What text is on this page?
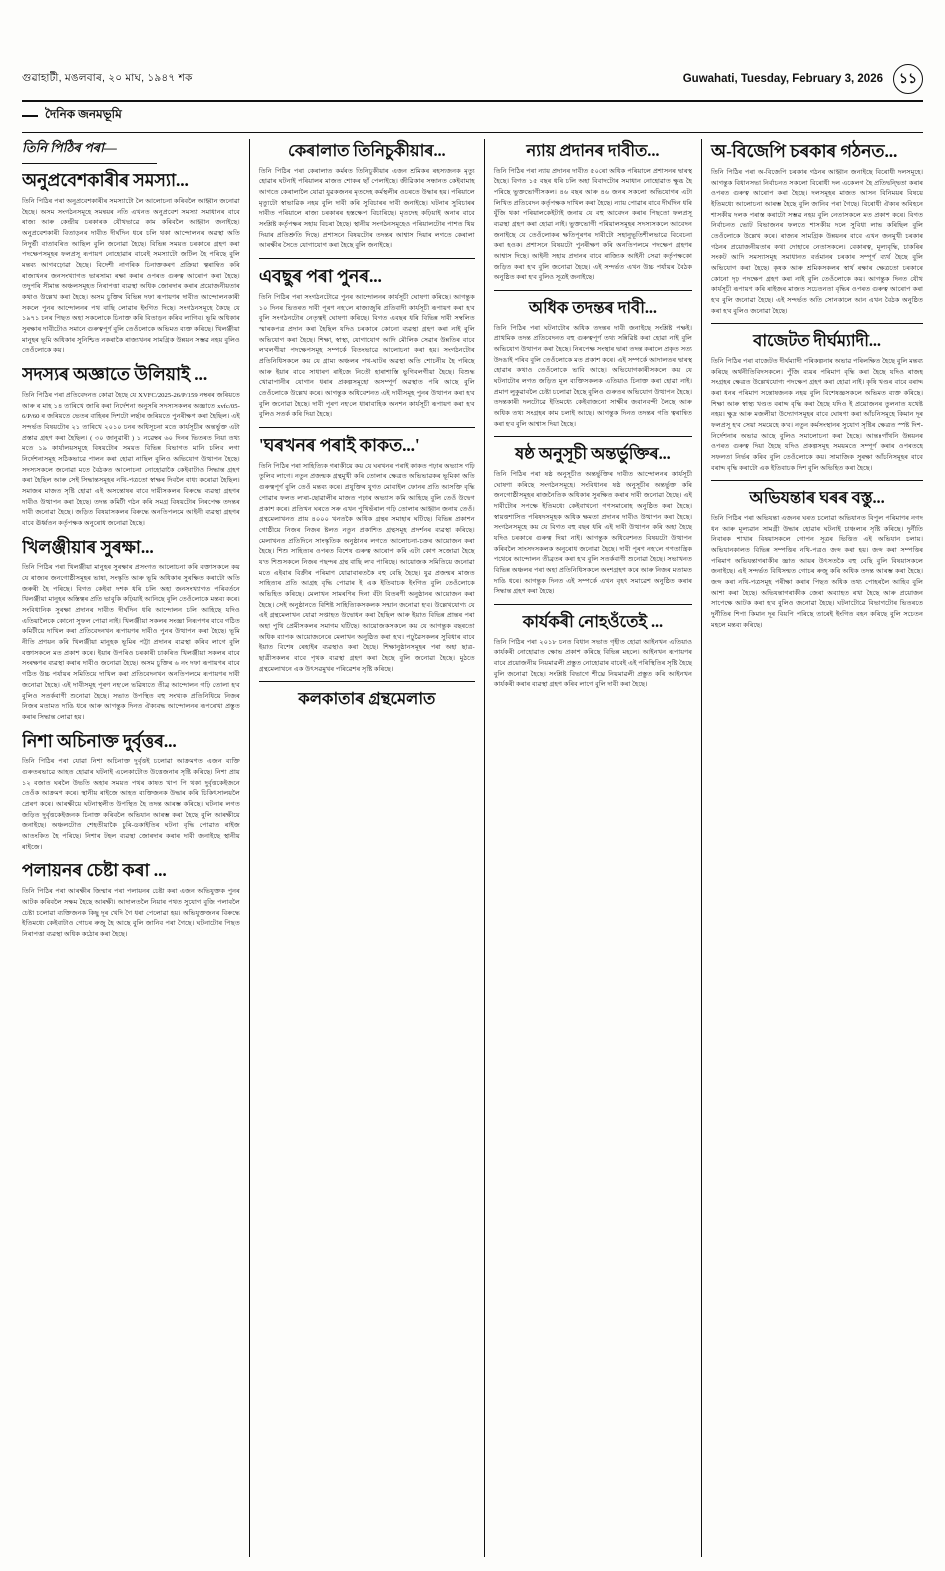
গুৱাহাটী, মঙলবাৰ, ২০ মাঘ, ১৯৪৭ শক	Guwahati, Tuesday, February 3, 2026	১১
দৈনিক জনমভূমি
তিনি পিঠিৰ পৰা—
অনুপ্ৰবেশকাৰীৰ সমস্যা...
তিনি পিঠিৰ পৰা অনুপ্ৰবেশকাৰীৰ সমস্যাটো লৈ আলোচনা কৰিবলৈ আহ্বান জনোৱা হৈছে। অসম সংগঠনসমূহে সমন্বয়ৰ নতি এখনত অনুপ্ৰবেশ সমস্যা সমাধানৰ বাবে ৰাজ্য আৰু কেন্দ্ৰীয় চৰকাৰক যৌথভাৱে কাম কৰিবলৈ আহ্বান জনাইছে। অনুপ্ৰবেশকাৰী বিতাড়নৰ দাবীত দীৰ্ঘদিন ধৰে চলি থকা আন্দোলনৰ অৱস্থা অতি নিদুৰ্ভী বাতাবৰিত আছিল বুলি জনোৱা হৈছে। বিভিন্ন সময়ত চৰকাৰে গ্ৰহণ কৰা পদক্ষেপসমূহৰ ফলপ্ৰসূ ৰূপায়ণ নোহোৱাৰ বাবেই সমস্যাটো জটিল হৈ পৰিছে বুলি মন্তব্য আগবঢ়োৱা হৈছে। বিদেশী নাগৰিক চিনাক্তকৰণ প্ৰক্ৰিয়া ত্বৰান্বিত কৰি ৰাজ্যখনৰ জনসংখ্যাগত ভাৰসাম্য ৰক্ষা কৰাৰ ওপৰত গুৰুত্ব আৰোপ কৰা হৈছে। তদুপৰি সীমান্ত অঞ্চলসমূহত নিৰাপত্তা ব্যৱস্থা অধিক জোৰদাৰ কৰাৰ প্ৰয়োজনীয়তাৰ কথাও উল্লেখ কৰা হৈছে। অসম চুক্তিৰ বিভিন্ন দফা ৰূপায়ণৰ দাবীত আন্দোলনকাৰী সকলে পুনৰ আন্দোলনৰ পথ বাছি লোৱাৰ ইংগিত দিছে। সংগঠনসমূহে কৈছে যে ১৯৭১ চনৰ পিছত অহা সকলোকে চিনাক্ত কৰি বিতাড়ন কৰিব লাগিব। ভূমি অধিকাৰ সুৰক্ষাৰ দাবীটোও সমানে গুৰুত্বপূৰ্ণ বুলি তেওঁলোকে অভিমত ব্যক্ত কৰিছে। খিলঞ্জীয়া মানুহৰ ভূমি অধিকাৰ সুনিশ্চিত নকৰাকৈ ৰাজ্যখনৰ সামগ্ৰিক উন্নয়ন সম্ভৱ নহয় বুলিও তেওঁলোকে কয়।
সদস্যৰ অজ্ঞাতে উলিয়াই ...
তিনি পিঠিৰ পৰা প্ৰতিবেদনত কোৱা হৈছে যে XVFC/2025-26/P/159 নম্বৰৰ জৰিয়তে আৰু ৰ মাহ ১৪ তাৰিখে জাৰি কৰা নিৰ্দেশনা অনুসৰি সদস্যসকলৰ অজ্ঞাতে xvfc/05-6/P/60 ৰ জৰিয়তে ভেতৰ বাহিৰৰ দিশটো লৰ্ছাৰ জৰিয়তে পুনৰীক্ষণ কৰা হৈছিল। এই সন্দৰ্ভত বিষয়টোৰ ২১ তাৰিখে ২০১০ চনৰ অধিসূচনা মতে কাৰ্যসূচীৰ অন্তৰ্ভুক্ত এটা প্ৰস্তাৱ গ্ৰহণ কৰা হৈছিল। ( ৩০ জানুৱাৰী ) ১ নৱেম্বৰ ৬০ দিনৰ ভিতৰত নিয়া তথ্য মতে ১৯ কাৰ্যালয়সমূহে বিষয়টোৰ সময়ত বিভিন্ন বিভাগত মানি চলিব লগা নিৰ্দেশনাসমূহ সঠিকভাৱে পালন কৰা হোৱা নাছিল বুলিও অভিযোগ উত্থাপন হৈছে। সদস্যসকলে জনোৱা মতে বৈঠকত আলোচনা নোহোৱাকৈ কেইবাটাও সিদ্ধান্ত গ্ৰহণ কৰা হৈছিল আৰু সেই সিদ্ধান্তসমূহৰ নথি-পত্ৰতো স্বাক্ষৰ দিবলৈ বাধ্য কৰোৱা হৈছিল। সমাজৰ মাজত সৃষ্টি হোৱা এই অসন্তোষৰ বাবে দায়ীসকলৰ বিৰুদ্ধে ব্যৱস্থা গ্ৰহণৰ দাবীও উত্থাপন কৰা হৈছে। তদন্ত কমিটী গঠন কৰি সমগ্ৰ বিষয়টোৰ নিৰপেক্ষ তদন্তৰ দাবী জনোৱা হৈছে। জড়িত বিষয়াসকলৰ বিৰুদ্ধে অনতিপলমে আইনী ব্যৱস্থা গ্ৰহণৰ বাবে ঊৰ্ধ্বতন কৰ্তৃপক্ষক অনুৰোধ জনোৱা হৈছে।
খিলঞ্জীয়াৰ সুৰক্ষা...
তিনি পিঠিৰ পৰা খিলঞ্জীয়া মানুহৰ সুৰক্ষাৰ প্ৰসংগত আলোচনা কৰি বক্তাসকলে কয় যে ৰাজ্যৰ জনগোষ্ঠীসমূহৰ ভাষা, সংস্কৃতি আৰু ভূমি অধিকাৰ সুৰক্ষিত কৰাটো অতি জৰুৰী হৈ পৰিছে। বিগত কেইবা দশক ধৰি চলি অহা জনসংখ্যাগত পৰিবৰ্তনে খিলঞ্জীয়া মানুহৰ অস্তিত্বৰ প্ৰতি ভাবুকি কঢ়িয়াই আনিছে বুলি তেওঁলোকে মন্তব্য কৰে। সংবিধানিক সুৰক্ষা প্ৰদানৰ দাবীত দীৰ্ঘদিন ধৰি আন্দোলন চলি আহিছে যদিও এতিয়ালৈকে কোনো সুফল পোৱা নাই। খিলঞ্জীয়া সকলৰ সংজ্ঞা নিৰূপণৰ বাবে গঠিত কমিটীয়ে দাখিল কৰা প্ৰতিবেদনখন ৰূপায়ণৰ দাবীও পুনৰ উত্থাপন কৰা হৈছে। ভূমি নীতি প্ৰণয়ন কৰি খিলঞ্জীয়া মানুহক ভূমিৰ পট্টা প্ৰদানৰ ব্যৱস্থা কৰিব লাগে বুলি বক্তাসকলে মত প্ৰকাশ কৰে। ইয়াৰ উপৰিও চৰকাৰী চাকৰিত খিলঞ্জীয়া সকলৰ বাবে সংৰক্ষণৰ ব্যৱস্থা কৰাৰ দাবীও জনোৱা হৈছে। অসম চুক্তিৰ ৬ নং দফা ৰূপায়ণৰ বাবে গঠিত উচ্চ পৰ্যায়ৰ সমিতিয়ে দাখিল কৰা প্ৰতিবেদনখন অনতিপলমে ৰূপায়ণৰ দাবী জনোৱা হৈছে। এই দাবীসমূহ পূৰণ নহ'লে ভৱিষ্যতে তীব্ৰ আন্দোলন গঢ়ি তোলা হ'ব বুলিও সতৰ্কবাণী শুনোৱা হৈছে। সভাত উপস্থিত বহু সংখ্যক প্ৰতিনিধিয়ে নিজৰ নিজৰ মতামত দাঙি ধৰে আৰু আগন্তুক দিনত ঐক্যবদ্ধ আন্দোলনৰ ৰূপৰেখা প্ৰস্তুত কৰাৰ সিদ্ধান্ত লোৱা হয়।
নিশা অচিনাক্ত দুৰ্বৃত্তৰ...
তিনি পিঠিৰ পৰা যোৱা নিশা অচিনাক্ত দুৰ্বৃত্তই চলোৱা আক্ৰমণত এজন ব্যক্তি গুৰুতৰভাৱে আহত হোৱাৰ ঘটনাই এলেকাটোত উত্তেজনাৰ সৃষ্টি কৰিছে। নিশা প্ৰায় ১২ বজাত ঘৰলৈ উভতি অহাৰ সময়ত পথৰ কাষত খাপ পি থকা দুৰ্বৃত্তকেইজনে তেওঁক আক্ৰমণ কৰে। স্থানীয় ৰাইজে আহত ব্যক্তিজনক উদ্ধাৰ কৰি চিকিৎসালয়লৈ প্ৰেৰণ কৰে। আৰক্ষীয়ে ঘটনাস্থলীত উপস্থিত হৈ তদন্ত আৰম্ভ কৰিছে। ঘটনাৰ লগত জড়িত দুৰ্বৃত্তকেইজনক চিনাক্ত কৰিবলৈ অভিযান আৰম্ভ কৰা হৈছে বুলি আৰক্ষীয়ে জনাইছে। অঞ্চলটোত শেহতীয়াকৈ চুৰি-ডকাইতিৰ ঘটনা বৃদ্ধি পোৱাত ৰাইজ আতংকিত হৈ পৰিছে। নিশাৰ টহল ব্যৱস্থা জোৰদাৰ কৰাৰ দাবী জনাইছে স্থানীয় ৰাইজে।
পলায়নৰ চেষ্টা কৰা ...
তিনি পিঠিৰ পৰা আৰক্ষীৰ জিম্মাৰ পৰা পলায়নৰ চেষ্টা কৰা এজন অভিযুক্তক পুনৰ আটক কৰিবলৈ সক্ষম হৈছে আৰক্ষী। আদালতলৈ নিয়াৰ পথত সুযোগ বুজি পলাবলৈ চেষ্টা চলোৱা ব্যক্তিজনক কিছু দূৰ খেদি গৈ ধৰা পেলোৱা হয়। অভিযুক্তজনৰ বিৰুদ্ধে ইতিমধ্যে কেইবাটাও গোচৰ ৰুজু হৈ আছে বুলি জানিব পৰা গৈছে। ঘটনাটোৰ পিছত নিৰাপত্তা ব্যৱস্থা অধিক কঠোৰ কৰা হৈছে।
কেৰালাত তিনিচুকীয়াৰ...
তিনি পিঠিৰ পৰা কেৰালাত কৰ্মৰত তিনিচুকীয়াৰ এজন শ্ৰমিকৰ ৰহস্যজনক মৃত্যু হোৱাৰ ঘটনাই পৰিয়ালৰ মাজত শোকৰ ছাঁ পেলাইছে। জীৱিকাৰ সন্ধানত কেইবামাহ আগতে কেৰালালৈ যোৱা যুৱকজনৰ মৃতদেহ কৰ্মস্থলীৰ ওচৰতে উদ্ধাৰ হয়। পৰিয়ালে মৃত্যুটো স্বাভাৱিক নহয় বুলি দাবী কৰি সুবিচাৰৰ দাবী জনাইছে। ঘটনাৰ সুবিচাৰৰ দাবীত পৰিয়ালে ৰাজ্য চৰকাৰৰ হস্তক্ষেপ বিচাৰিছে। মৃতদেহ কঢ়িয়াই অনাৰ বাবে সংশ্লিষ্ট কৰ্তৃপক্ষৰ সহায় বিচৰা হৈছে। স্থানীয় সংগঠনসমূহেও পৰিয়ালটোৰ পাশত থিয় দিয়াৰ প্ৰতিশ্ৰুতি দিছে। প্ৰশাসনে বিষয়টোৰ তদন্তৰ আশ্বাস দিয়াৰ লগতে কেৰালা আৰক্ষীৰ সৈতে যোগাযোগ কৰা হৈছে বুলি জনাইছে।
এবছুৰ পৰা পুনৰ...
তিনি পিঠিৰ পৰা সংগঠনটোৱে পুনৰ আন্দোলনৰ কাৰ্যসূচী ঘোষণা কৰিছে। আগন্তুক ১০ দিনৰ ভিতৰত দাবী পূৰণ নহ'লে ৰাজ্যজুৰি প্ৰতিবাদী কাৰ্যসূচী ৰূপায়ণ কৰা হ'ব বুলি সংগঠনটোৰ নেতৃত্বই ঘোষণা কৰিছে। বিগত এবছৰ ধৰি বিভিন্ন দাবী সম্বলিত স্মাৰকপত্ৰ প্ৰদান কৰা হৈছিল যদিও চৰকাৰে কোনো ব্যৱস্থা গ্ৰহণ কৰা নাই বুলি অভিযোগ কৰা হৈছে। শিক্ষা, স্বাস্থ্য, যোগাযোগ আদি মৌলিক সেৱাৰ উন্নতিৰ বাবে ল'বলগীয়া পদক্ষেপসমূহ সম্পৰ্কে বিতংভাৱে আলোচনা কৰা হয়। সংগঠনটোৰ প্ৰতিনিধিসকলে কয় যে গ্ৰাম্য অঞ্চলৰ পথ-ঘাটৰ অৱস্থা অতি শোচনীয় হৈ পৰিছে আৰু ইয়াৰ বাবে সাধাৰণ ৰাইজে নিতৌ হাৰাশাস্তি ভুগিবলগীয়া হৈছে। বিশুদ্ধ খোৱাপানীৰ যোগান ধৰাৰ প্ৰকল্পসমূহো অসম্পূৰ্ণ অৱস্থাত পৰি আছে বুলি তেওঁলোকে উল্লেখ কৰে। আগন্তুক অধিবেশনত এই দাবীসমূহ পুনৰ উত্থাপন কৰা হ'ব বুলি জনোৱা হৈছে। দাবী পূৰণ নহ'লে ধাৰাবাহিক অনশন কাৰ্যসূচী ৰূপায়ণ কৰা হ'ব বুলিও সতৰ্ক কৰি দিয়া হৈছে।
'ঘৰখনৰ পৰাই কাকত...'
তিনি পিঠিৰ পৰা সাহিত্যিক গৰাকীয়ে কয় যে ঘৰখনৰ পৰাই কাকত পঢ়াৰ অভ্যাস গঢ়ি তুলিব লাগে। নতুন প্ৰজন্মক গ্ৰন্থমুখী কৰি তোলাৰ ক্ষেত্ৰত অভিভাৱকৰ ভূমিকা অতি গুৰুত্বপূৰ্ণ বুলি তেওঁ মন্তব্য কৰে। প্ৰযুক্তিৰ যুগত মোবাইল ফোনৰ প্ৰতি আসক্তি বৃদ্ধি পোৱাৰ ফলত ল'ৰা-ছোৱালীৰ মাজত পঢ়াৰ অভ্যাস কমি আহিছে বুলি তেওঁ উদ্বেগ প্ৰকাশ কৰে। প্ৰতিখন ঘৰতে সৰু এখন পুথিভঁৰাল গঢ়ি তোলাৰ আহ্বান জনায় তেওঁ। গ্ৰন্থমেলাখনত প্ৰায় ৪০০০ খনতকৈ অধিক গ্ৰন্থৰ সমাহাৰ ঘটিছে। বিভিন্ন প্ৰকাশন গোষ্ঠীয়ে নিজৰ নিজৰ ষ্টলত নতুন প্ৰকাশিত গ্ৰন্থসমূহ প্ৰদৰ্শনৰ ব্যৱস্থা কৰিছে। মেলাখনত প্ৰতিদিনে সাংস্কৃতিক অনুষ্ঠানৰ লগতে আলোচনা-চক্ৰৰ আয়োজন কৰা হৈছে। শিশু সাহিত্যৰ ওপৰত বিশেষ গুৰুত্ব আৰোপ কৰি এটা কোণ সজোৱা হৈছে য'ত শিশুসকলে নিজৰ পছন্দৰ গ্ৰন্থ বাছি ল'ব পাৰিছে। আয়োজক সমিতিয়ে জনোৱা মতে এইবাৰ বিক্ৰীৰ পৰিমাণ যোৱাবাৰতকৈ বহু বেছি হৈছে। যুৱ প্ৰজন্মৰ মাজত সাহিত্যৰ প্ৰতি আগ্ৰহ বৃদ্ধি পোৱাৰ ই এক ইতিবাচক ইংগিত বুলি তেওঁলোকে অভিহিত কৰিছে। মেলাখন সামৰণিৰ দিনা বঁটা বিতৰণী অনুষ্ঠানৰ আয়োজন কৰা হৈছে। সেই অনুষ্ঠানতে বিশিষ্ট সাহিত্যিকসকলক সন্মান জনোৱা হ'ব। উল্লেখযোগ্য যে এই গ্ৰন্থমেলাখন যোৱা সপ্তাহত উদ্বোধন কৰা হৈছিল আৰু ইয়াত বিভিন্ন প্ৰান্তৰ পৰা অহা পুথি প্ৰেমীসকলৰ সমাগম ঘটিছে। আয়োজকসকলে কয় যে আগন্তুক বছৰতো অধিক ব্যাপক আয়োজনেৰে মেলাখন অনুষ্ঠিত কৰা হ'ব। পঢ়ুৱৈসকলৰ সুবিধাৰ বাবে ইয়াত বিশেষ ৰেহাইৰ ব্যৱস্থাও কৰা হৈছে। শিক্ষানুষ্ঠানসমূহৰ পৰা অহা ছাত্ৰ-ছাত্ৰীসকলৰ বাবে পৃথক ব্যৱস্থা গ্ৰহণ কৰা হৈছে বুলি জনোৱা হৈছে। মুঠতে গ্ৰন্থমেলাখনে এক উৎসৱমুখৰ পৰিৱেশৰ সৃষ্টি কৰিছে।
কলকাতাৰ গ্ৰন্থমেলাত
ন্যায় প্ৰদানৰ দাবীত...
তিনি পিঠিৰ পৰা ন্যায় প্ৰদানৰ দাবীত ৫০ৰো অধিক পৰিয়ালে প্ৰশাসনৰ দ্বাৰস্থ হৈছে। বিগত ১৫ বছৰ ধৰি চলি অহা বিবাদটোৰ সমাধান নোহোৱাত ক্ষুব্ধ হৈ পৰিছে ভুক্তভোগীসকল। ৪৬ বছৰ আৰু ৪৬ জনৰ সকলো অভিযোগৰ এটা লিখিত প্ৰতিবেদন কৰ্তৃপক্ষক দাখিল কৰা হৈছে। ন্যায় পোৱাৰ বাবে দীৰ্ঘদিন ধৰি যুঁজি থকা পৰিয়ালকেইটাই জনায় যে বহু আবেদন কৰাৰ পিছতো ফলপ্ৰসূ ব্যৱস্থা গ্ৰহণ কৰা হোৱা নাই। ভুক্তভোগী পৰিয়ালসমূহৰ সদস্যসকলে আবেদন জনাইছে যে তেওঁলোকৰ ক্ষতিপূৰণৰ দাবীটো সহানুভূতিশীলভাৱে বিবেচনা কৰা হওক। প্ৰশাসনে বিষয়টো পুনৰীক্ষণ কৰি অনতিপলমে পদক্ষেপ গ্ৰহণৰ আশ্বাস দিছে। আইনী সহায় প্ৰদানৰ বাবে ৰাজ্যিক আইনী সেৱা কৰ্তৃপক্ষকো জড়িত কৰা হ'ব বুলি জনোৱা হৈছে। এই সন্দৰ্ভত এখন উচ্চ পৰ্যায়ৰ বৈঠক অনুষ্ঠিত কৰা হ'ব বুলিও সূত্ৰই জনাইছে।
অধিক তদন্তৰ দাবী...
তিনি পিঠিৰ পৰা ঘটনাটোৰ অধিক তদন্তৰ দাবী জনাইছে সংশ্লিষ্ট পক্ষই। প্ৰাথমিক তদন্ত প্ৰতিবেদনত বহু গুৰুত্বপূৰ্ণ তথ্য সন্নিৱিষ্ট কৰা হোৱা নাই বুলি অভিযোগ উত্থাপন কৰা হৈছে। নিৰপেক্ষ সংস্থাৰ দ্বাৰা তদন্ত কৰালে প্ৰকৃত সত্য উদঙাই পৰিব বুলি তেওঁলোকে মত প্ৰকাশ কৰে। এই সম্পৰ্কে আদালতৰ দ্বাৰস্থ হোৱাৰ কথাও তেওঁলোকে ভাবি আছে। অভিযোগকাৰীসকলে কয় যে ঘটনাটোৰ লগত জড়িত মূল ব্যক্তিসকলক এতিয়াও চিনাক্ত কৰা হোৱা নাই। প্ৰমাণ লুকুৱাবলৈ চেষ্টা চলোৱা হৈছে বুলিও গুৰুতৰ অভিযোগ উত্থাপন হৈছে। তদন্তকাৰী দলটোৱে ইতিমধ্যে কেইবাজনো সাক্ষীৰ জবানবন্দী লৈছে আৰু অধিক তথ্য সংগ্ৰহৰ কাম চলাই আছে। আগন্তুক দিনত তদন্তৰ গতি ত্বৰান্বিত কৰা হ'ব বুলি আশ্বাস দিয়া হৈছে।
ষষ্ঠ অনুসূচী অন্তৰ্ভুক্তিৰ...
তিনি পিঠিৰ পৰা ষষ্ঠ অনুসূচীত অন্তৰ্ভুক্তিৰ দাবীত আন্দোলনৰ কাৰ্যসূচী ঘোষণা কৰিছে সংগঠনসমূহে। সংবিধানৰ ষষ্ঠ অনুসূচীৰ অন্তৰ্ভুক্ত কৰি জনগোষ্ঠীসমূহৰ ৰাজনৈতিক অধিকাৰ সুৰক্ষিত কৰাৰ দাবী জনোৱা হৈছে। এই দাবীটোৰ সপক্ষে ইতিমধ্যে কেইবাখনো গণসমাৰোহ অনুষ্ঠিত কৰা হৈছে। স্বায়ত্তশাসিত পৰিষদসমূহক অধিক ক্ষমতা প্ৰদানৰ দাবীও উত্থাপন কৰা হৈছে। সংগঠনসমূহে কয় যে বিগত বহু বছৰ ধৰি এই দাবী উত্থাপন কৰি অহা হৈছে যদিও চৰকাৰে গুৰুত্ব দিয়া নাই। আগন্তুক অধিবেশনত বিষয়টো উত্থাপন কৰিবলৈ সাংসদসকলক অনুৰোধ জনোৱা হৈছে। দাবী পূৰণ নহ'লে গণতান্ত্ৰিক পথেৰে আন্দোলন তীব্ৰতৰ কৰা হ'ব বুলি সতৰ্কবাণী শুনোৱা হৈছে। সভাখনত বিভিন্ন অঞ্চলৰ পৰা অহা প্ৰতিনিধিসকলে অংশগ্ৰহণ কৰে আৰু নিজৰ মতামত দাঙি ধৰে। আগন্তুক দিনত এই সম্পৰ্কে এখন বৃহৎ সমাৱেশ অনুষ্ঠিত কৰাৰ সিদ্ধান্ত গ্ৰহণ কৰা হৈছে।
কাৰ্যকৰী নোহওঁতেই ...
তিনি পিঠিৰ পৰা ২০১৮ চনত বিধান সভাত গৃহীত হোৱা আইনখন এতিয়াও কাৰ্যকৰী নোহোৱাত ক্ষোভ প্ৰকাশ কৰিছে বিভিন্ন মহলে। আইনখন ৰূপায়ণৰ বাবে প্ৰয়োজনীয় নিয়মাৱলী প্ৰস্তুত নোহোৱাৰ বাবেই এই পৰিস্থিতিৰ সৃষ্টি হৈছে বুলি জনোৱা হৈছে। সংশ্লিষ্ট বিভাগে শীঘ্ৰে নিয়মাৱলী প্ৰস্তুত কৰি আইনখন কাৰ্যকৰী কৰাৰ ব্যৱস্থা গ্ৰহণ কৰিব লাগে বুলি দাবী কৰা হৈছে।
অ-বিজেপি চৰকাৰ গঠনত...
তিনি পিঠিৰ পৰা অ-বিজেপি চৰকাৰ গঠনৰ আহ্বান জনাইছে বিৰোধী দলসমূহে। আগন্তুক বিধানসভা নিৰ্বাচনত সকলো বিৰোধী দল একেলগ হৈ প্ৰতিদ্বন্দ্বিতা কৰাৰ ওপৰত গুৰুত্ব আৰোপ কৰা হৈছে। দলসমূহৰ মাজত আসন বিনিময়ৰ বিষয়ে ইতিমধ্যে আলোচনা আৰম্ভ হৈছে বুলি জানিব পৰা গৈছে। বিৰোধী ঐক্যৰ অবিহনে শাসকীয় দলক পৰাস্ত কৰাটো সম্ভৱ নহয় বুলি নেতাসকলে মত প্ৰকাশ কৰে। বিগত নিৰ্বাচনত ভোট বিভাজনৰ ফলতে শাসকীয় দলে সুবিধা লাভ কৰিছিল বুলি তেওঁলোকে উল্লেখ কৰে। ৰাজ্যৰ সামগ্ৰিক উন্নয়নৰ বাবে এখন জনমুখী চৰকাৰ গঠনৰ প্ৰয়োজনীয়তাৰ কথা দোহাৰে নেতাসকলে। বেকাৰত্ব, মূল্যবৃদ্ধি, চাকৰিৰ সংকট আদি সমস্যাসমূহ সমাধানত বৰ্তমানৰ চৰকাৰ সম্পূৰ্ণ ব্যৰ্থ হৈছে বুলি অভিযোগ কৰা হৈছে। কৃষক আৰু শ্ৰমিকসকলৰ স্বাৰ্থ ৰক্ষাৰ ক্ষেত্ৰতো চৰকাৰে কোনো দৃঢ় পদক্ষেপ গ্ৰহণ কৰা নাই বুলি তেওঁলোকে কয়। আগন্তুক দিনত যৌথ কাৰ্যসূচী ৰূপায়ণ কৰি ৰাইজৰ মাজত সচেতনতা বৃদ্ধিৰ ওপৰত গুৰুত্ব আৰোপ কৰা হ'ব বুলি জনোৱা হৈছে। এই সন্দৰ্ভত অতি সোনকালে আন এখন বৈঠক অনুষ্ঠিত কৰা হ'ব বুলিও জনোৱা হৈছে।
বাজেটত দীৰ্ঘম্যাদী...
তিনি পিঠিৰ পৰা বাজেটত দীৰ্ঘম্যাদী পৰিকল্পনাৰ অভাৱ পৰিলক্ষিত হৈছে বুলি মন্তব্য কৰিছে অৰ্থনীতিবিদসকলে। পুঁজি ব্যয়ৰ পৰিমাণ বৃদ্ধি কৰা হৈছে যদিও ৰাজহ সংগ্ৰহৰ ক্ষেত্ৰত উল্লেখযোগ্য পদক্ষেপ গ্ৰহণ কৰা হোৱা নাই। কৃষি খণ্ডৰ বাবে বৰাদ্দ কৰা ধনৰ পৰিমাণ সন্তোষজনক নহয় বুলি বিশেষজ্ঞসকলে অভিমত ব্যক্ত কৰিছে। শিক্ষা আৰু স্বাস্থ্য খণ্ডত বৰাদ্দ বৃদ্ধি কৰা হৈছে যদিও ই প্ৰয়োজনৰ তুলনাত যথেষ্ট নহয়। ক্ষুদ্ৰ আৰু মজলীয়া উদ্যোগসমূহৰ বাবে ঘোষণা কৰা আঁচনিসমূহে কিমান দূৰ ফলপ্ৰসূ হ'ব সেয়া সময়েহে ক'ব। নতুন কৰ্মসংস্থানৰ সুযোগ সৃষ্টিৰ ক্ষেত্ৰত স্পষ্ট দিশ-নিৰ্দেশনাৰ অভাৱ আছে বুলিও সমালোচনা কৰা হৈছে। আন্তঃগাঁথনি উন্নয়নৰ ওপৰত গুৰুত্ব দিয়া হৈছে যদিও প্ৰকল্পসমূহ সময়মতে সম্পূৰ্ণ কৰাৰ ওপৰতহে সফলতা নিৰ্ভৰ কৰিব বুলি তেওঁলোকে কয়। সামাজিক সুৰক্ষা আঁচনিসমূহৰ বাবে বৰাদ্দ বৃদ্ধি কৰাটো এক ইতিবাচক দিশ বুলি অভিহিত কৰা হৈছে।
অভিযন্তাৰ ঘৰৰ বস্তু...
তিনি পিঠিৰ পৰা অভিযন্তা এজনৰ ঘৰত চলোৱা অভিযানত বিপুল পৰিমাণৰ নগদ ধন আৰু মূল্যৱান সামগ্ৰী উদ্ধাৰ হোৱাৰ ঘটনাই চাঞ্চল্যৰ সৃষ্টি কৰিছে। দুৰ্নীতি নিবাৰক শাখাৰ বিষয়াসকলে গোপন সূত্ৰৰ ভিত্তিত এই অভিযান চলায়। অভিযানকালত বিভিন্ন সম্পত্তিৰ নথি-পত্ৰও জব্দ কৰা হয়। জব্দ কৰা সম্পত্তিৰ পৰিমাণ অভিযন্তাগৰাকীৰ জ্ঞাত আয়ৰ উৎসতকৈ বহু বেছি বুলি বিষয়াসকলে জনাইছে। এই সন্দৰ্ভত বিধিসন্মত গোচৰ ৰুজু কৰি অধিক তদন্ত আৰম্ভ কৰা হৈছে। জব্দ কৰা নথি-পত্ৰসমূহ পৰীক্ষা কৰাৰ পিছত অধিক তথ্য পোহৰলৈ আহিব বুলি আশা কৰা হৈছে। অভিযন্তাগৰাকীক জেৰা অব্যাহত ৰখা হৈছে আৰু প্ৰয়োজন সাপেক্ষে আটক কৰা হ'ব বুলিও জনোৱা হৈছে। ঘটনাটোৱে বিভাগটোৰ ভিতৰতে দুৰ্নীতিৰ শিপা কিমান দূৰ বিয়পি পৰিছে তাৰেই ইংগিত বহন কৰিছে বুলি সচেতন মহলে মন্তব্য কৰিছে।
